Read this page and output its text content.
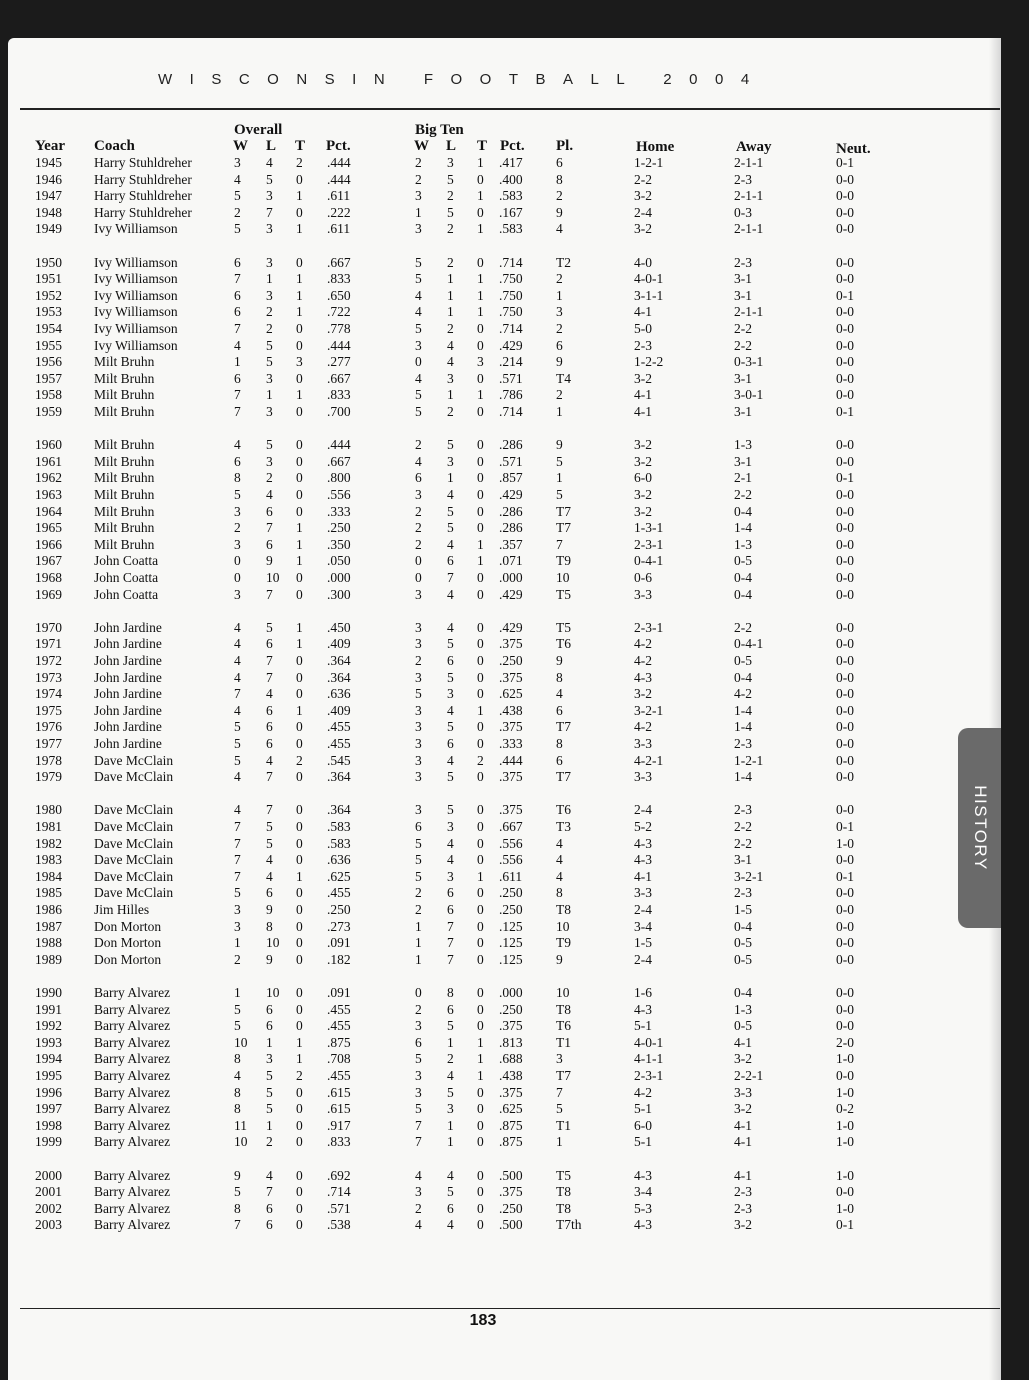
WISCONSIN FOOTBALL 2004
Overall	Big Ten
Year Coach	W L T Pct.	W L T Pct. Pl.	Home	Away	Neut.
1945 Harry Stuhldreher	3 4 2 .444	2 3 1 .417 6	1-2-1	2-1-1	0-1
1946 Harry Stuhldreher	4 5 0 .444	2 5 0 .400 8	2-2	2-3	0-0
1947 Harry Stuhldreher	5 3 1 .611	3 2 1 .583 2	3-2	2-1-1	0-0
1948 Harry Stuhldreher	2 7 0 .222	1 5 0 .167 9	2-4	0-3	0-0
1949 Ivy Williamson	5 3 1 .611	3 2 1 .583 4	3-2	2-1-1	0-0
1950 Ivy Williamson	6 3 0 .667	5 2 0 .714 T2	4-0	2-3	0-0
1951 Ivy Williamson	7 1 1 .833	5 1 1 .750 2	4-0-1	3-1	0-0
1952 Ivy Williamson	6 3 1 .650	4 1 1 .750 1	3-1-1	3-1	0-1
1953 Ivy Williamson	6 2 1 .722	4 1 1 .750 3	4-1	2-1-1	0-0
1954 Ivy Williamson	7 2 0 .778	5 2 0 .714 2	5-0	2-2	0-0
1955 Ivy Williamson	4 5 0 .444	3 4 0 .429 6	2-3	2-2	0-0
1956 Milt Bruhn	1 5 3 .277	0 4 3 .214 9	1-2-2	0-3-1	0-0
1957 Milt Bruhn	6 3 0 .667	4 3 0 .571 T4	3-2	3-1	0-0
1958 Milt Bruhn	7 1 1 .833	5 1 1 .786 2	4-1	3-0-1	0-0
1959 Milt Bruhn	7 3 0 .700	5 2 0 .714 1	4-1	3-1	0-1
1960 Milt Bruhn	4 5 0 .444	2 5 0 .286 9	3-2	1-3	0-0
1961 Milt Bruhn	6 3 0 .667	4 3 0 .571 5	3-2	3-1	0-0
1962 Milt Bruhn	8 2 0 .800	6 1 0 .857 1	6-0	2-1	0-1
1963 Milt Bruhn	5 4 0 .556	3 4 0 .429 5	3-2	2-2	0-0
1964 Milt Bruhn	3 6 0 .333	2 5 0 .286 T7	3-2	0-4	0-0
1965 Milt Bruhn	2 7 1 .250	2 5 0 .286 T7	1-3-1	1-4	0-0
1966 Milt Bruhn	3 6 1 .350	2 4 1 .357 7	2-3-1	1-3	0-0
1967 John Coatta	0 9 1 .050	0 6 1 .071 T9	0-4-1	0-5	0-0
1968 John Coatta	0 10 0 .000	0 7 0 .000 10	0-6	0-4	0-0
1969 John Coatta	3 7 0 .300	3 4 0 .429 T5	3-3	0-4	0-0
1970 John Jardine	4 5 1 .450	3 4 0 .429 T5	2-3-1	2-2	0-0
1971 John Jardine	4 6 1 .409	3 5 0 .375 T6	4-2	0-4-1	0-0
1972 John Jardine	4 7 0 .364	2 6 0 .250 9	4-2	0-5	0-0
1973 John Jardine	4 7 0 .364	3 5 0 .375 8	4-3	0-4	0-0
1974 John Jardine	7 4 0 .636	5 3 0 .625 4	3-2	4-2	0-0
1975 John Jardine	4 6 1 .409	3 4 1 .438 6	3-2-1	1-4	0-0
1976 John Jardine	5 6 0 .455	3 5 0 .375 T7	4-2	1-4	0-0
1977 John Jardine	5 6 0 .455	3 6 0 .333 8	3-3	2-3	0-0
1978 Dave McClain	5 4 2 .545	3 4 2 .444 6	4-2-1	1-2-1	0-0
1979 Dave McClain	4 7 0 .364	3 5 0 .375 T7	3-3	1-4	0-0
1980 Dave McClain	4 7 0 .364	3 5 0 .375 T6	2-4	2-3	0-0
1981 Dave McClain	7 5 0 .583	6 3 0 .667 T3	5-2	2-2	0-1
1982 Dave McClain	7 5 0 .583	5 4 0 .556 4	4-3	2-2	1-0
1983 Dave McClain	7 4 0 .636	5 4 0 .556 4	4-3	3-1	0-0
1984 Dave McClain	7 4 1 .625	5 3 1 .611	4	4-1	3-2-1	0-1
1985 Dave McClain	5 6 0 .455	2 6 0 .250 8	3-3	2-3	0-0
1986 Jim Hilles	3 9 0 .250	2 6 0 .250 T8	2-4	1-5	0-0
1987 Don Morton	3 8 0 .273	1 7 0 .125 10	3-4	0-4	0-0
1988 Don Morton	1 10 0 .091	1 7 0 .125 T9	1-5	0-5	0-0
1989 Don Morton	2 9 0 .182	1 7 0 .125 9	2-4	0-5	0-0
1990 Barry Alvarez	1 10 0 .091	0 8 0 .000 10	1-6	0-4	0-0
1991 Barry Alvarez	5 6 0 .455	2 6 0 .250 T8	4-3	1-3	0-0
1992 Barry Alvarez	5 6 0 .455	3 5 0 .375 T6	5-1	0-5	0-0
1993 Barry Alvarez	10 1 1 .875	6 1 1 .813 T1	4-0-1	4-1	2-0
1994 Barry Alvarez	8 3 1 .708	5 2 1 .688 3	4-1-1	3-2	1-0
1995 Barry Alvarez	4 5 2 .455	3 4 1 .438 T7	2-3-1	2-2-1	0-0
1996 Barry Alvarez	8 5 0 .615	3 5 0 .375 7	4-2	3-3	1-0
1997 Barry Alvarez	8 5 0 .615	5 3 0 .625 5	5-1	3-2	0-2
1998 Barry Alvarez	11 1 0 .917	7 1 0 .875 T1	6-0	4-1	1-0
1999 Barry Alvarez	10 2 0 .833	7 1 0 .875 1	5-1	4-1	1-0
2000 Barry Alvarez	9 4 0 .692	4 4 0 .500 T5	4-3	4-1	1-0
2001 Barry Alvarez	5 7 0 .714	3 5 0 .375 T8	3-4	2-3	0-0
2002 Barry Alvarez	8 6 0 .571	2 6 0 .250 T8	5-3	2-3	1-0
2003 Barry Alvarez	7 6 0 .538	4 4 0 .500 T7th	4-3	3-2	0-1
HISTORY
183
